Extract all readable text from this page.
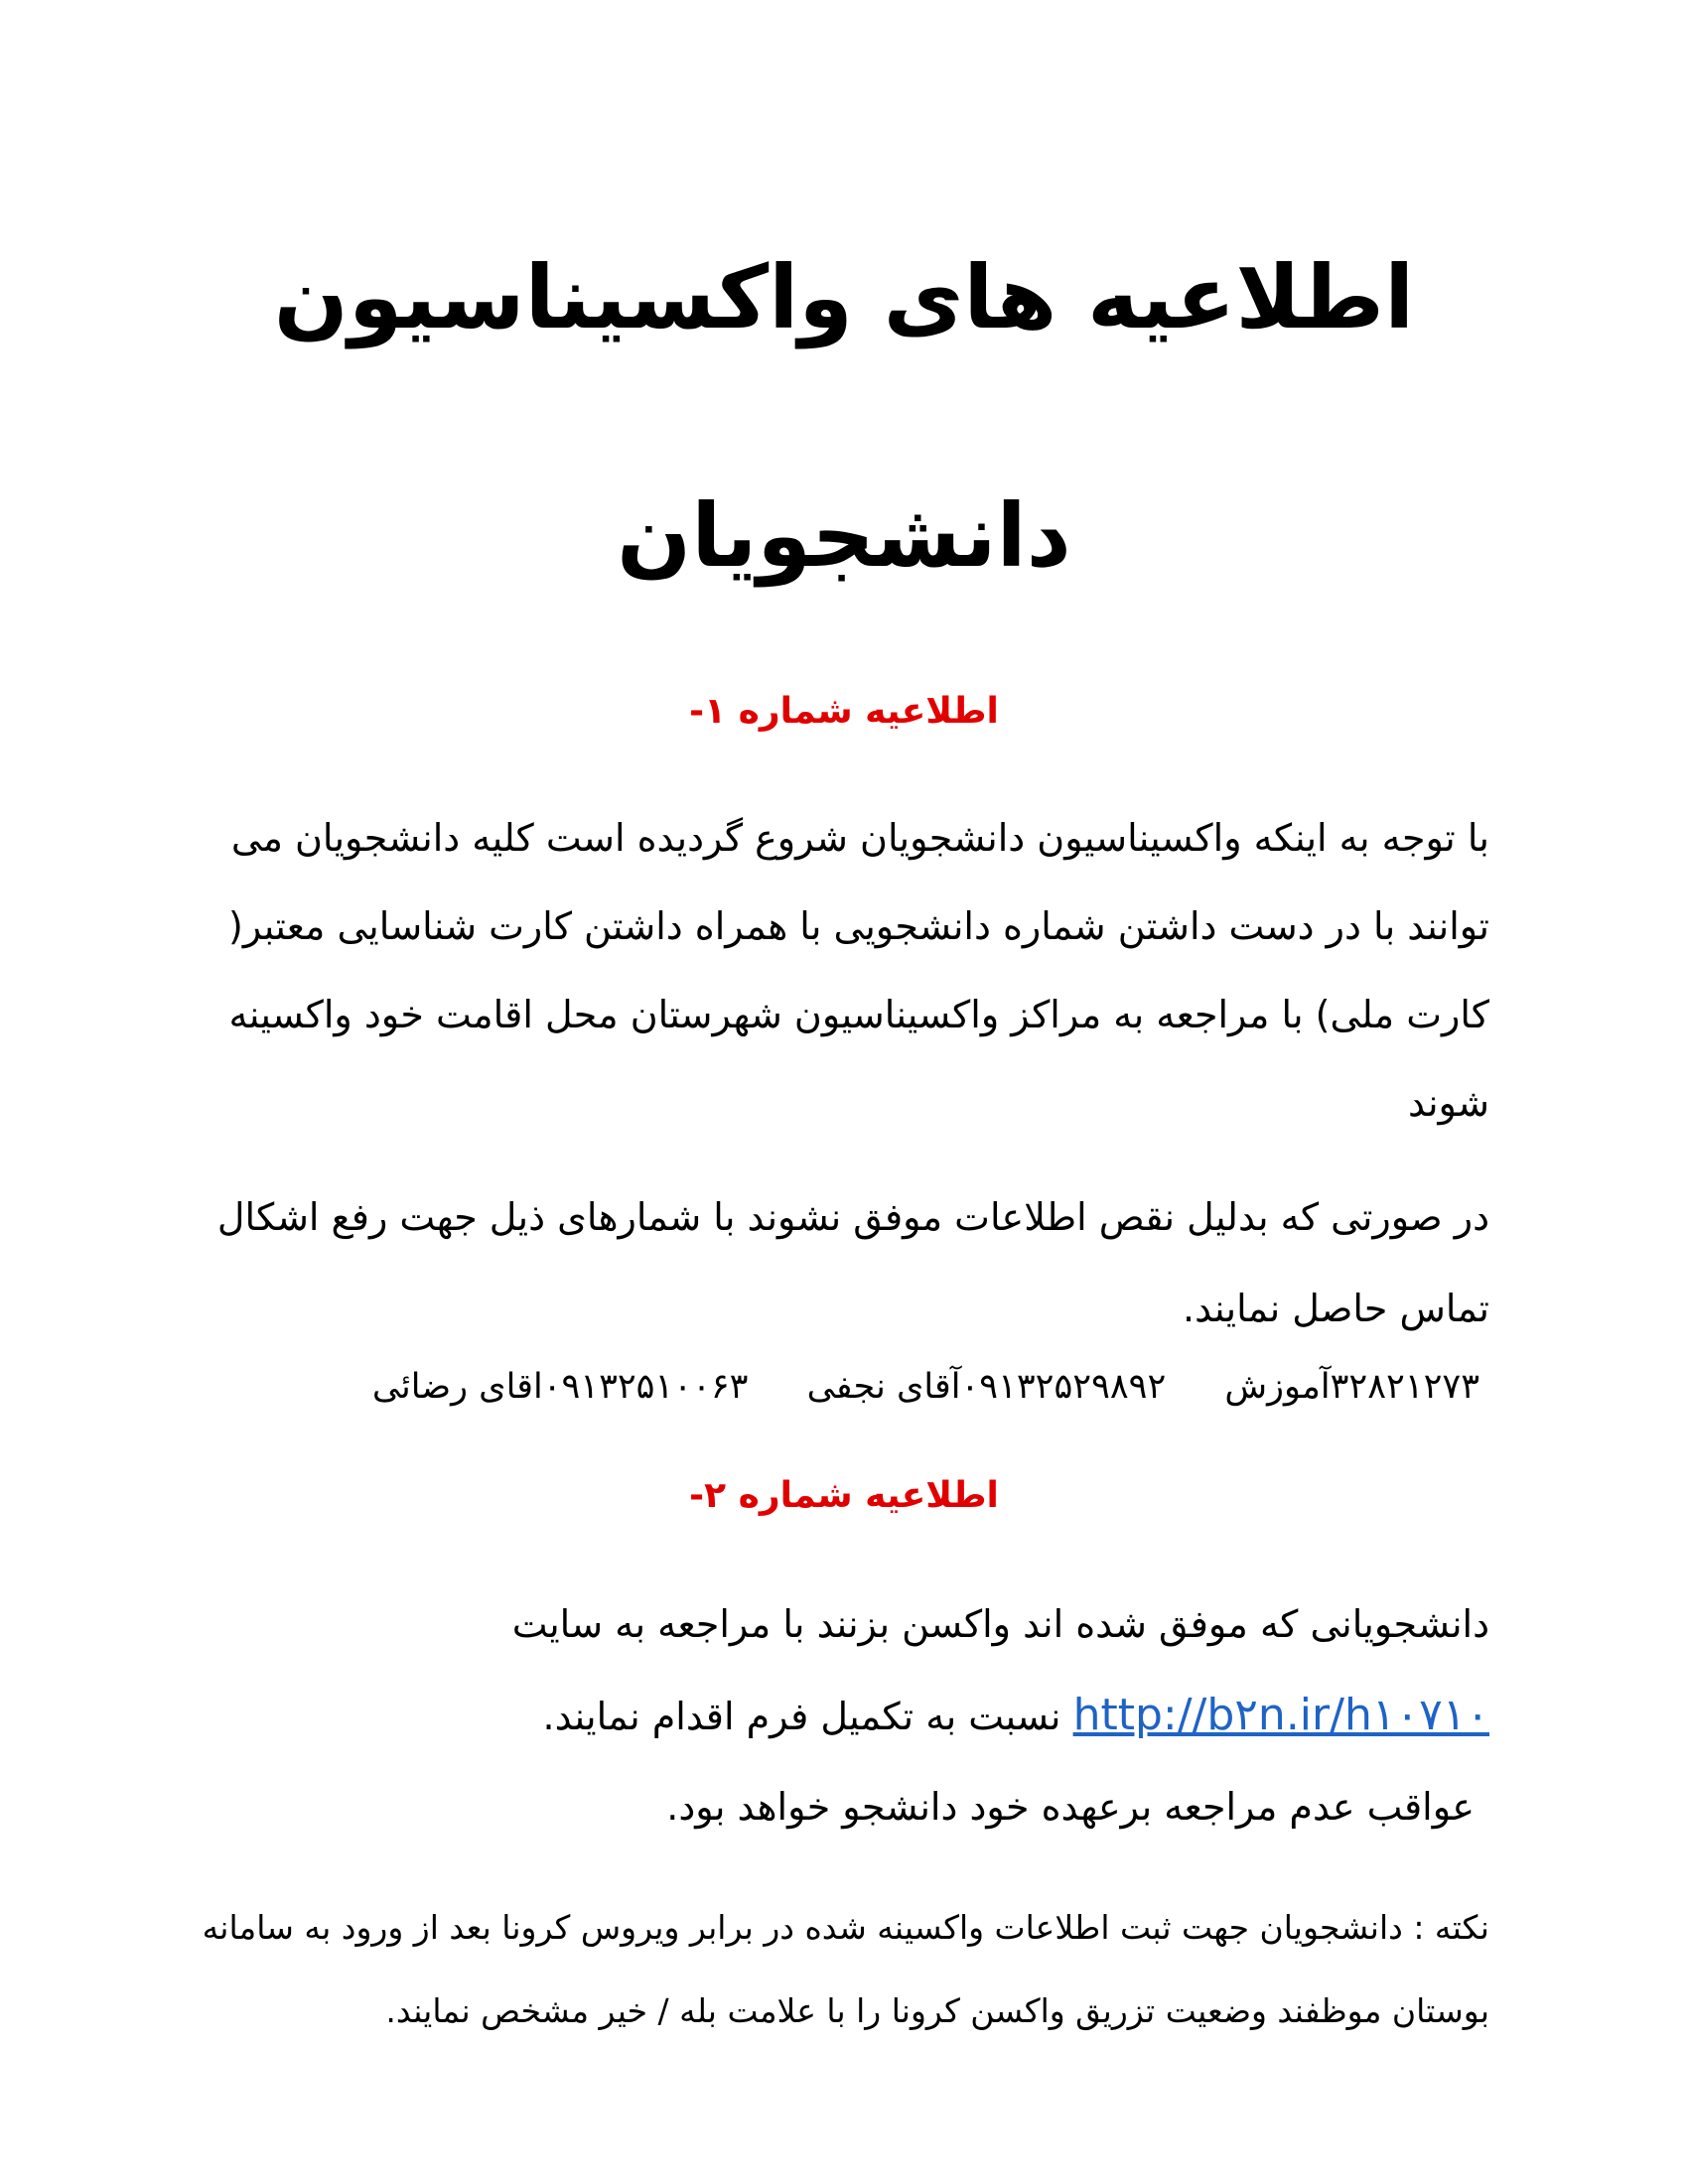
اطلاعیه های واکسیناسیون
دانشجویان
اطلاعیه شماره ۱-

با توجه به اینکه واکسیناسیون دانشجویان شروع گردیده است کلیه دانشجویان می توانند با در دست داشتن شماره دانشجویی با همراه داشتن کارت شناسایی معتبر( کارت ملی) با مراجعه به مراکز واکسیناسیون شهرستان محل اقامت خود واکسینه شوند

در صورتی که بدلیل نقص اطلاعات موفق نشوند با شمارهای ذیل جهت رفع اشکال تماس حاصل نمایند.

۳۲۸۲۱۲۷۳آموزش ۰۹۱۳۲۵۲۹۸۹۲آقای نجفی ۰۹۱۳۲۵۱۰۰۶۳اقای رضائی
اطلاعیه شماره ۲-

دانشجویانی که موفق شده اند واکسن بزنند با مراجعه به سایت
http://b۲n.ir/h۱۰۷۱۰ نسبت به تکمیل فرم اقدام نمایند.

عواقب عدم مراجعه برعهده خود دانشجو خواهد بود.

نکته : دانشجویان جهت ثبت اطلاعات واکسینه شده در برابر ویروس کرونا بعد از ورود به سامانه بوستان موظفند وضعیت تزریق واکسن کرونا را با علامت بله / خیر مشخص نمایند.
